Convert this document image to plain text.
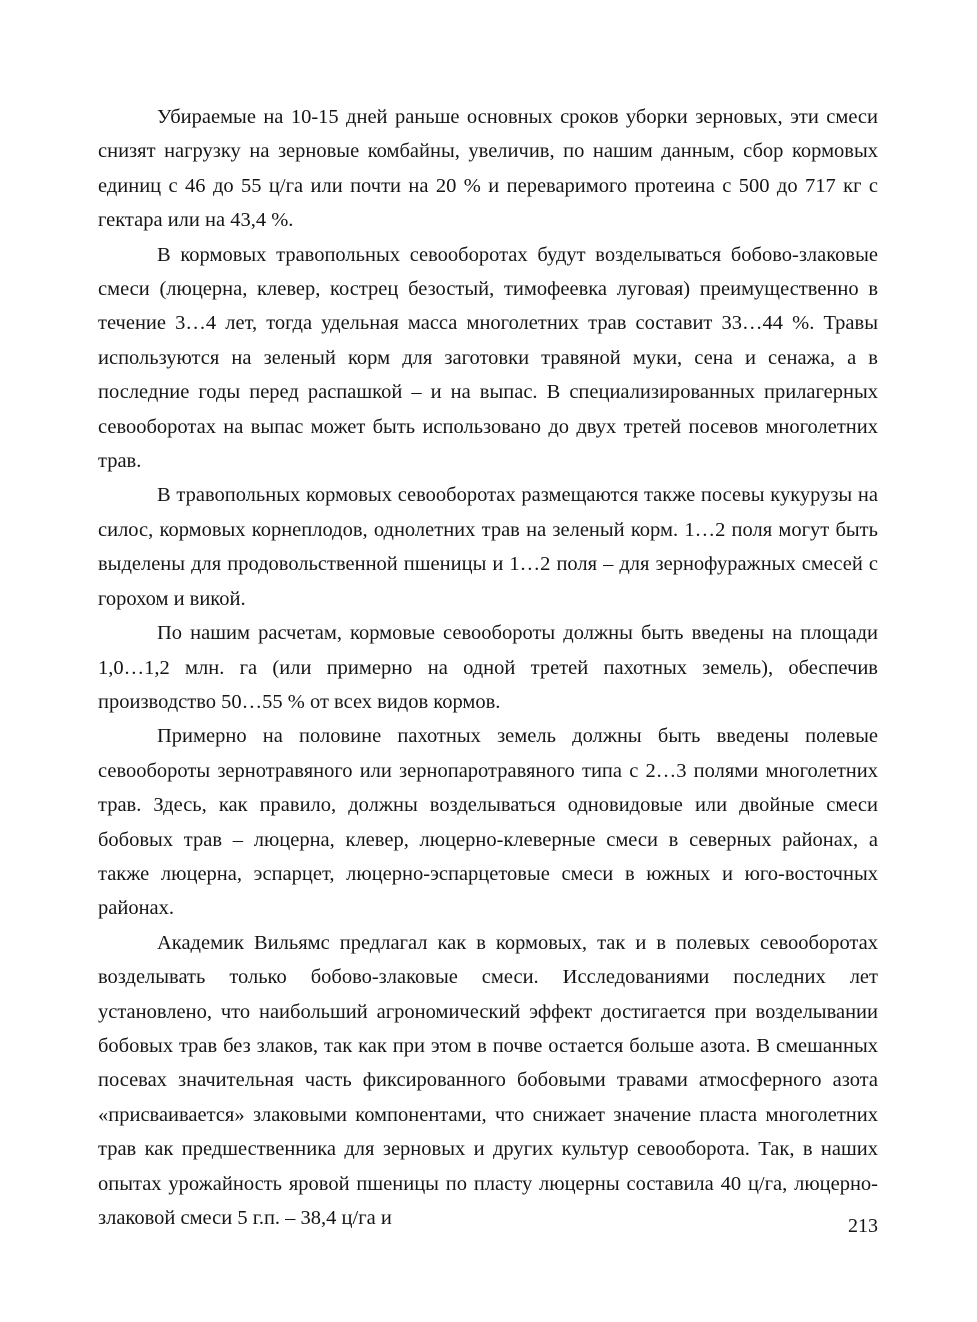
Убираемые на 10-15 дней раньше основных сроков уборки зерновых, эти смеси снизят нагрузку на зерновые комбайны, увеличив, по нашим данным, сбор кормовых единиц с 46 до 55 ц/га или почти на 20 % и переваримого протеина с 500 до 717 кг с гектара или на 43,4 %.

В кормовых травопольных севооборотах будут возделываться бобово-злаковые смеси (люцерна, клевер, кострец безостый, тимофеевка луговая) преимущественно в течение 3…4 лет, тогда удельная масса многолетних трав составит 33…44 %. Травы используются на зеленый корм для заготовки травяной муки, сена и сенажа, а в последние годы перед распашкой – и на выпас. В специализированных прилагерных севооборотах на выпас может быть использовано до двух третей посевов многолетних трав.

В травопольных кормовых севооборотах размещаются также посевы кукурузы на силос, кормовых корнеплодов, однолетних трав на зеленый корм. 1…2 поля могут быть выделены для продовольственной пшеницы и 1…2 поля – для зернофуражных смесей с горохом и викой.

По нашим расчетам, кормовые севообороты должны быть введены на площади 1,0…1,2 млн. га (или примерно на одной третей пахотных земель), обеспечив производство 50…55 % от всех видов кормов.

Примерно на половине пахотных земель должны быть введены полевые севообороты зернотравяного или зернопаротравяного типа с 2…3 полями многолетних трав. Здесь, как правило, должны возделываться одновидовые или двойные смеси бобовых трав – люцерна, клевер, люцерно-клеверные смеси в северных районах, а также люцерна, эспарцет, люцерно-эспарцетовые смеси в южных и юго-восточных районах.

Академик Вильямс предлагал как в кормовых, так и в полевых севооборотах возделывать только бобово-злаковые смеси. Исследованиями последних лет установлено, что наибольший агрономический эффект достигается при возделывании бобовых трав без злаков, так как при этом в почве остается больше азота. В смешанных посевах значительная часть фиксированного бобовыми травами атмосферного азота «присваивается» злаковыми компонентами, что снижает значение пласта многолетних трав как предшественника для зерновых и других культур севооборота. Так, в наших опытах урожайность яровой пшеницы по пласту люцерны составила 40 ц/га, люцерно-злаковой смеси 5 г.п. – 38,4 ц/га и	213
